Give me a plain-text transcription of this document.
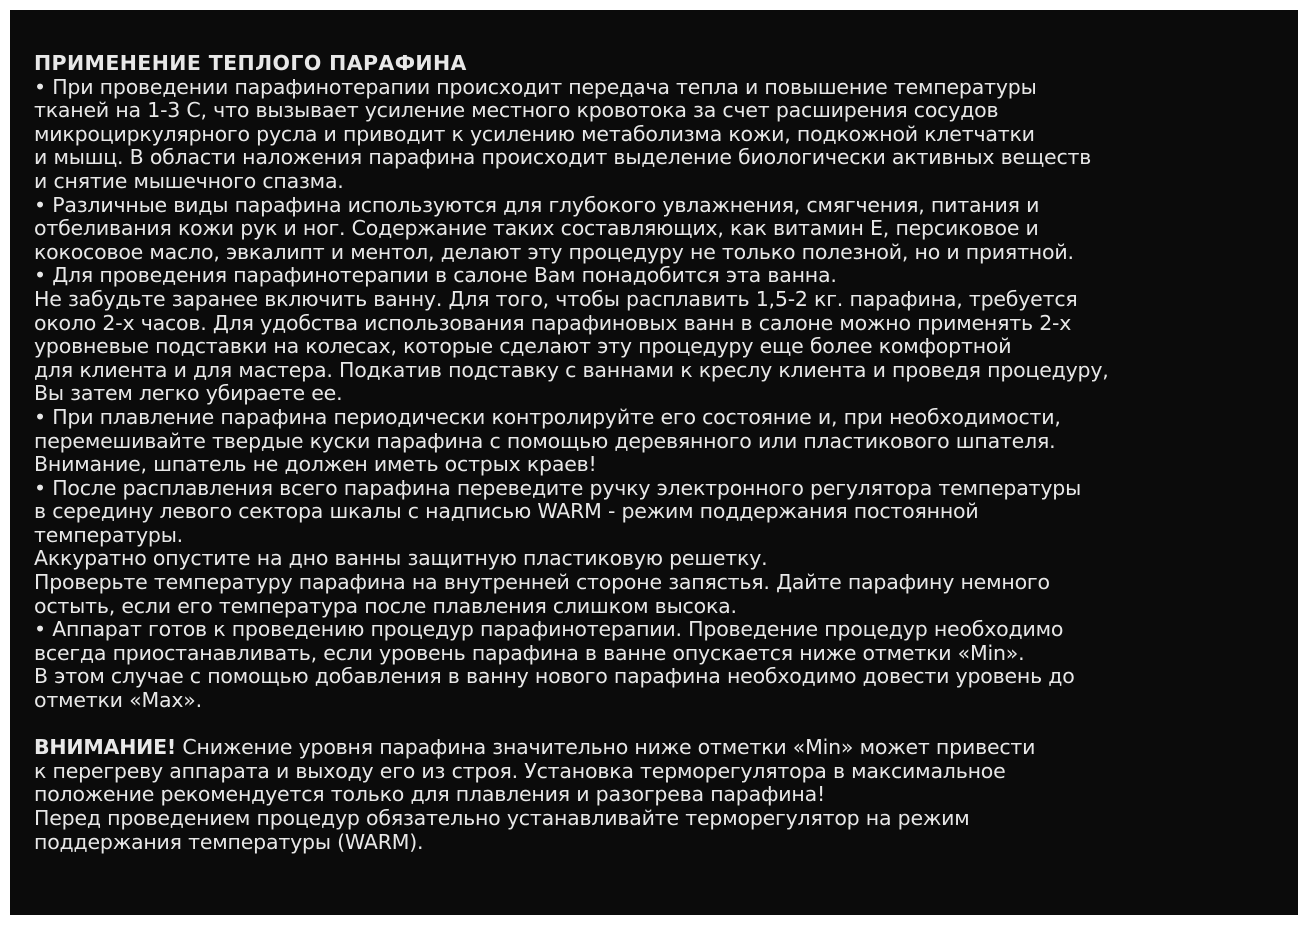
ПРИМЕНЕНИЕ ТЕПЛОГО ПАРАФИНА
• При проведении парафинотерапии происходит передача тепла и повышение температуры
тканей на 1-3 С, что вызывает усиление местного кровотока за счет расширения сосудов
микроциркулярного русла и приводит к усилению метаболизма кожи, подкожной клетчатки
и мышц. В области наложения парафина происходит выделение биологически активных веществ
и снятие мышечного спазма.
• Различные виды парафина используются для глубокого увлажнения, смягчения, питания и
отбеливания кожи рук и ног. Содержание таких составляющих, как витамин Е, персиковое и
кокосовое масло, эвкалипт и ментол, делают эту процедуру не только полезной, но и приятной.
• Для проведения парафинотерапии в салоне Вам понадобится эта ванна.
Не забудьте заранее включить ванну. Для того, чтобы расплавить 1,5-2 кг. парафина, требуется
около 2-х часов. Для удобства использования парафиновых ванн в салоне можно применять 2-х
уровневые подставки на колесах, которые сделают эту процедуру еще более комфортной
для клиента и для мастера. Подкатив подставку с ваннами к креслу клиента и проведя процедуру,
Вы затем легко убираете ее.
• При плавление парафина периодически контролируйте его состояние и, при необходимости,
перемешивайте твердые куски парафина с помощью деревянного или пластикового шпателя.
Внимание, шпатель не должен иметь острых краев!
• После расплавления всего парафина переведите ручку электронного регулятора температуры
в середину левого сектора шкалы с надписью WARM - режим поддержания постоянной
температуры.
Аккуратно опустите на дно ванны защитную пластиковую решетку.
Проверьте температуру парафина на внутренней стороне запястья. Дайте парафину немного
остыть, если его температура после плавления слишком высока.
• Аппарат готов к проведению процедур парафинотерапии. Проведение процедур необходимо
всегда приостанавливать, если уровень парафина в ванне опускается ниже отметки «Min».
В этом случае с помощью добавления в ванну нового парафина необходимо довести уровень до
отметки «Max».
ВНИМАНИЕ! Снижение уровня парафина значительно ниже отметки «Min» может привести
к перегреву аппарата и выходу его из строя. Установка терморегулятора в максимальное
положение рекомендуется только для плавления и разогрева парафина!
Перед проведением процедур обязательно устанавливайте терморегулятор на режим
поддержания температуры (WARM).
